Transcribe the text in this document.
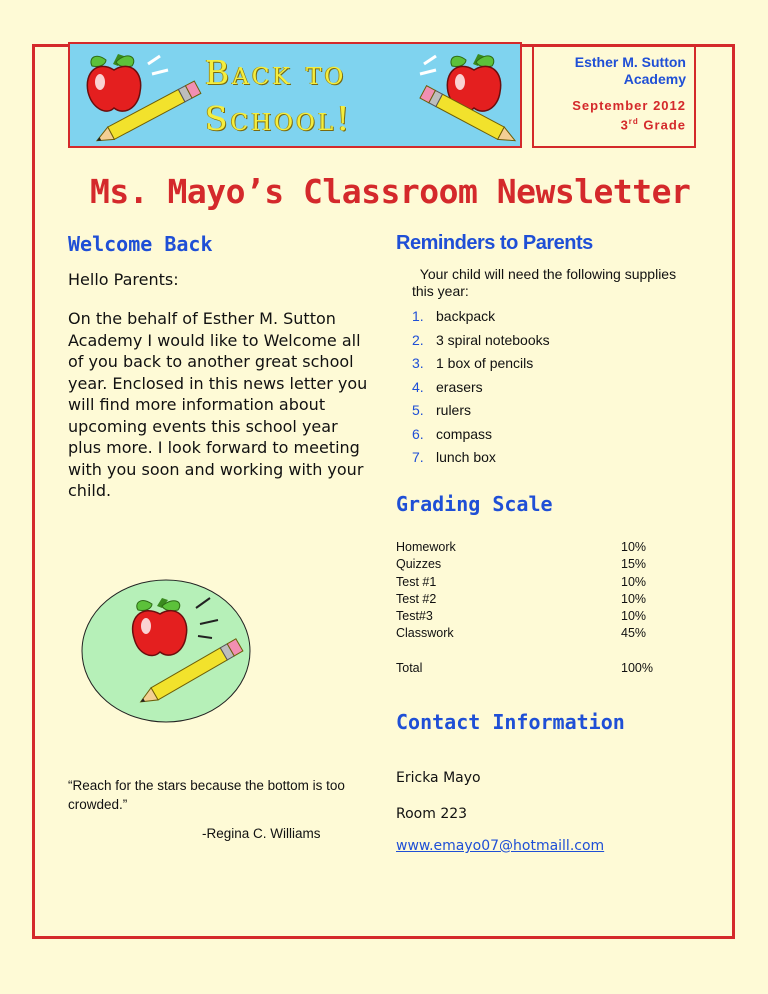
Back to
School!
Esther M. Sutton
Academy
September 2012
3rd Grade
Ms. Mayo’s Classroom Newsletter
Welcome Back
Hello Parents:
On the behalf of Esther M. Sutton Academy I would like to Welcome all of you back to another great school year. Enclosed in this news letter you will find more information about upcoming events this school year plus more. I look forward to meeting with you soon and working with your child.
“Reach for the stars because the bottom is too crowded.”
-Regina C. Williams
Reminders to Parents
Your child will need the following supplies this year:
1. backpack
2. 3 spiral notebooks
3. 1 box of pencils
4. erasers
5. rulers
6. compass
7. lunch box
Grading Scale
Homework	10%
Quizzes	15%
Test #1	10%
Test #2	10%
Test#3	10%
Classwork	45%
Total	100%
Contact Information
Ericka Mayo
Room 223
www.emayo07@hotmaill.com
